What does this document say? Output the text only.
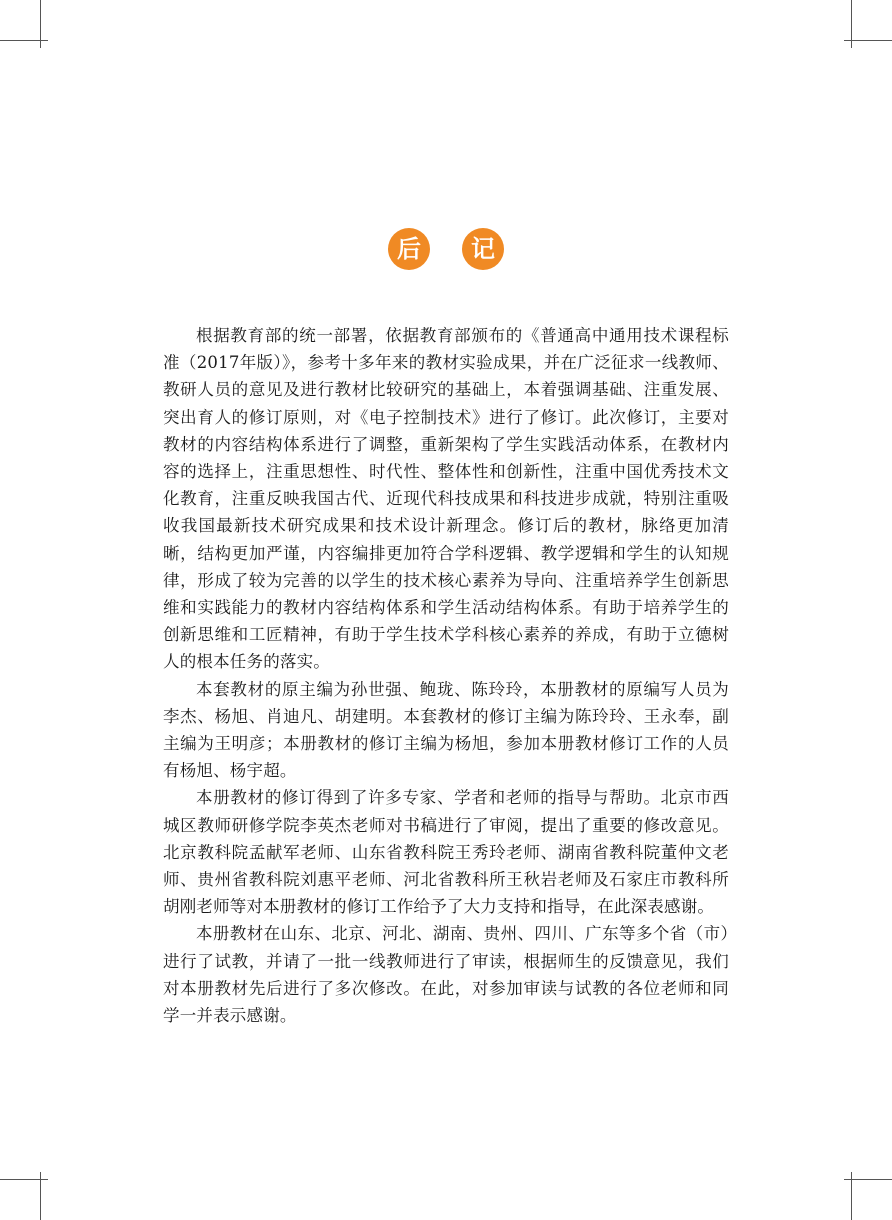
后	记

根据教育部的统一部署，依据教育部颁布的《普通高中通用技术课程标准（2017年版）》，参考十多年来的教材实验成果，并在广泛征求一线教师、教研人员的意见及进行教材比较研究的基础上，本着强调基础、注重发展、突出育人的修订原则，对《电子控制技术》进行了修订。此次修订，主要对教材的内容结构体系进行了调整，重新架构了学生实践活动体系，在教材内容的选择上，注重思想性、时代性、整体性和创新性，注重中国优秀技术文化教育，注重反映我国古代、近现代科技成果和科技进步成就，特别注重吸收我国最新技术研究成果和技术设计新理念。修订后的教材，脉络更加清晰，结构更加严谨，内容编排更加符合学科逻辑、教学逻辑和学生的认知规律，形成了较为完善的以学生的技术核心素养为导向、注重培养学生创新思维和实践能力的教材内容结构体系和学生活动结构体系。有助于培养学生的创新思维和工匠精神，有助于学生技术学科核心素养的养成，有助于立德树人的根本任务的落实。

本套教材的原主编为孙世强、鲍珑、陈玲玲，本册教材的原编写人员为李杰、杨旭、肖迪凡、胡建明。本套教材的修订主编为陈玲玲、王永奉，副主编为王明彦；本册教材的修订主编为杨旭，参加本册教材修订工作的人员有杨旭、杨宇超。

本册教材的修订得到了许多专家、学者和老师的指导与帮助。北京市西城区教师研修学院李英杰老师对书稿进行了审阅，提出了重要的修改意见。北京教科院孟献军老师、山东省教科院王秀玲老师、湖南省教科院董仲文老师、贵州省教科院刘惠平老师、河北省教科所王秋岩老师及石家庄市教科所胡刚老师等对本册教材的修订工作给予了大力支持和指导，在此深表感谢。

本册教材在山东、北京、河北、湖南、贵州、四川、广东等多个省（市）进行了试教，并请了一批一线教师进行了审读，根据师生的反馈意见，我们对本册教材先后进行了多次修改。在此，对参加审读与试教的各位老师和同学一并表示感谢。
